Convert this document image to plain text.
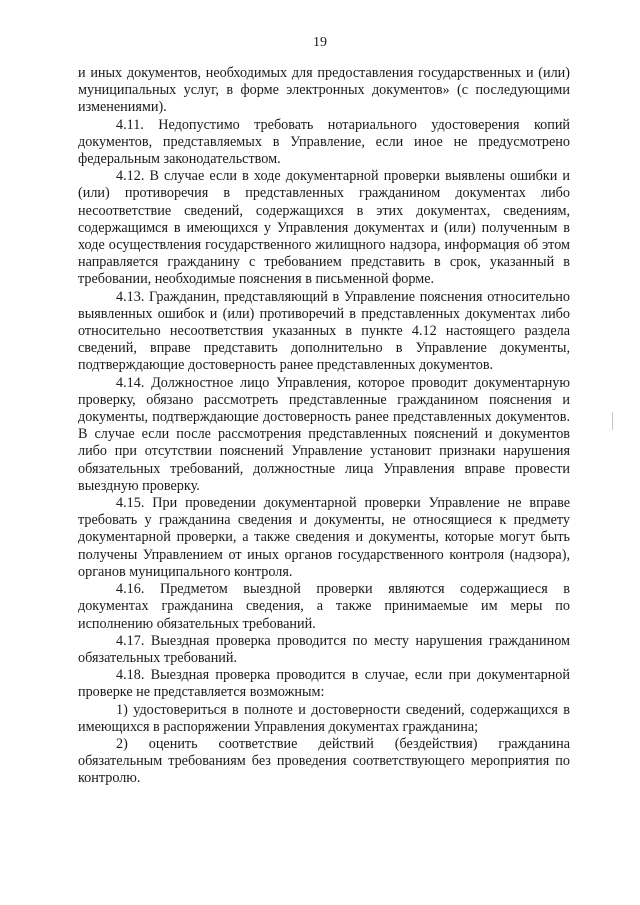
19

и иных документов, необходимых для предоставления государственных и (или) муниципальных услуг, в форме электронных документов» (с последующими изменениями).

4.11. Недопустимо требовать нотариального удостоверения копий документов, представляемых в Управление, если иное не предусмотрено федеральным законодательством.

4.12. В случае если в ходе документарной проверки выявлены ошибки и (или) противоречия в представленных гражданином документах либо несоответствие сведений, содержащихся в этих документах, сведениям, содержащимся в имеющихся у Управления документах и (или) полученным в ходе осуществления государственного жилищного надзора, информация об этом направляется гражданину с требованием представить в срок, указанный в требовании, необходимые пояснения в письменной форме.

4.13. Гражданин, представляющий в Управление пояснения относительно выявленных ошибок и (или) противоречий в представленных документах либо относительно несоответствия указанных в пункте 4.12 настоящего раздела сведений, вправе представить дополнительно в Управление документы, подтверждающие достоверность ранее представленных документов.

4.14. Должностное лицо Управления, которое проводит документарную проверку, обязано рассмотреть представленные гражданином пояснения и документы, подтверждающие достоверность ранее представленных документов. В случае если после рассмотрения представленных пояснений и документов либо при отсутствии пояснений Управление установит признаки нарушения обязательных требований, должностные лица Управления вправе провести выездную проверку.

4.15. При проведении документарной проверки Управление не вправе требовать у гражданина сведения и документы, не относящиеся к предмету документарной проверки, а также сведения и документы, которые могут быть получены Управлением от иных органов государственного контроля (надзора), органов муниципального контроля.

4.16. Предметом выездной проверки являются содержащиеся в документах гражданина сведения, а также принимаемые им меры по исполнению обязательных требований.

4.17. Выездная проверка проводится по месту нарушения гражданином обязательных требований.

4.18. Выездная проверка проводится в случае, если при документарной проверке не представляется возможным:

1) удостовериться в полноте и достоверности сведений, содержащихся в имеющихся в распоряжении Управления документах гражданина;

2) оценить соответствие действий (бездействия) гражданина обязательным требованиям без проведения соответствующего мероприятия по контролю.
